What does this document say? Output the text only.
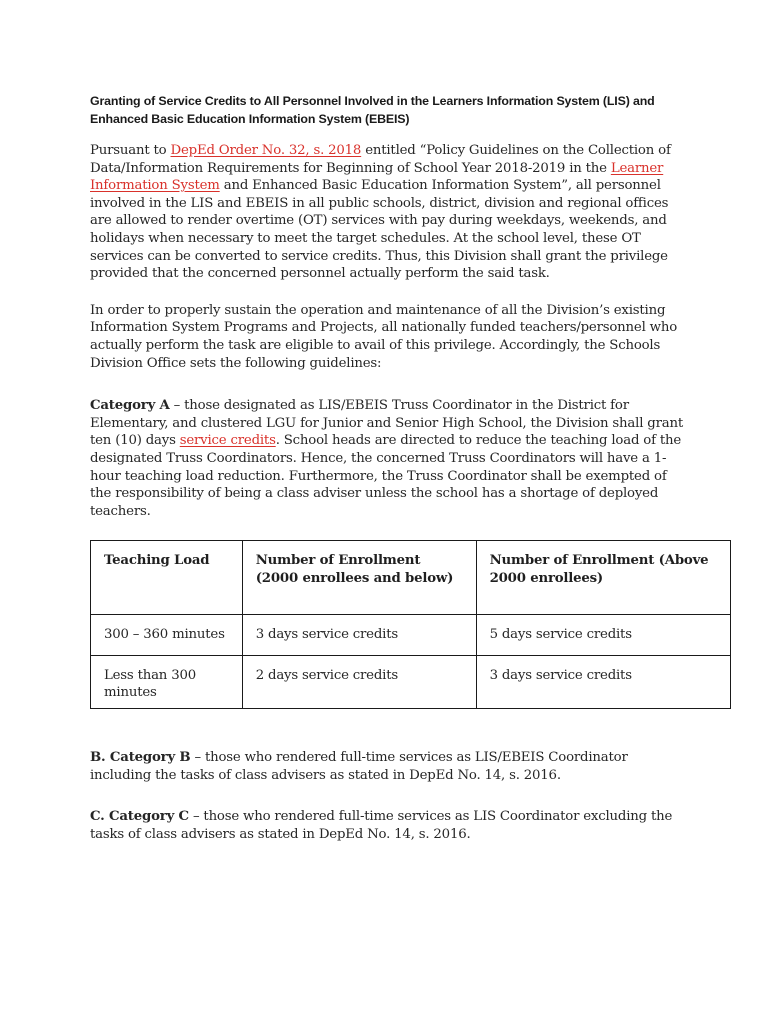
Granting of Service Credits to All Personnel Involved in the Learners Information System (LIS) and Enhanced Basic Education Information System (EBEIS)

Pursuant to DepEd Order No. 32, s. 2018 entitled “Policy Guidelines on the Collection of Data/Information Requirements for Beginning of School Year 2018-2019 in the Learner Information System and Enhanced Basic Education Information System”, all personnel involved in the LIS and EBEIS in all public schools, district, division and regional offices are allowed to render overtime (OT) services with pay during weekdays, weekends, and holidays when necessary to meet the target schedules. At the school level, these OT services can be converted to service credits. Thus, this Division shall grant the privilege provided that the concerned personnel actually perform the said task.

In order to properly sustain the operation and maintenance of all the Division’s existing Information System Programs and Projects, all nationally funded teachers/personnel who actually perform the task are eligible to avail of this privilege. Accordingly, the Schools Division Office sets the following guidelines:

Category A – those designated as LIS/EBEIS Truss Coordinator in the District for Elementary, and clustered LGU for Junior and Senior High School, the Division shall grant ten (10) days service credits. School heads are directed to reduce the teaching load of the designated Truss Coordinators. Hence, the concerned Truss Coordinators will have a 1-hour teaching load reduction. Furthermore, the Truss Coordinator shall be exempted of the responsibility of being a class adviser unless the school has a shortage of deployed teachers.

Teaching Load	Number of Enrollment (2000 enrollees and below)	Number of Enrollment (Above 2000 enrollees)
300 – 360 minutes	3 days service credits	5 days service credits
Less than 300 minutes	2 days service credits	3 days service credits

B. Category B – those who rendered full-time services as LIS/EBEIS Coordinator including the tasks of class advisers as stated in DepEd No. 14, s. 2016.

C. Category C – those who rendered full-time services as LIS Coordinator excluding the tasks of class advisers as stated in DepEd No. 14, s. 2016.
